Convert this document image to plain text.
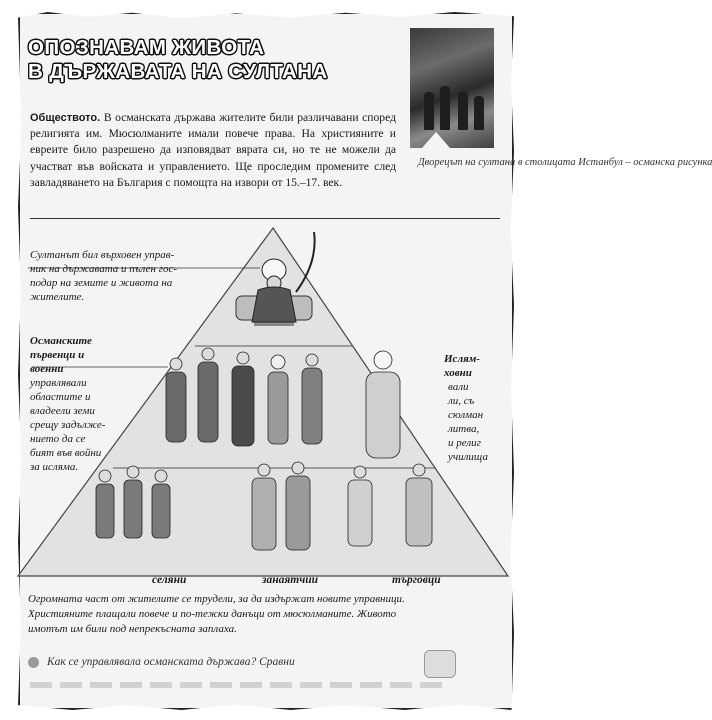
ОПОЗНАВАМ ЖИВОТА
В ДЪРЖАВАТА НА СУЛТАНА
Дворецът на султана в столицата Истанбул – османска рисунка
Обществото. В османската държава жителите били различавани според религията им. Мюсюлманите имали повече права. На християните и евреите било разрешено да изповядват вярата си, но те не можели да участват във войската и управлението. Ще проследим промените след завладяването на България с помощта на извори от 15.–17. век.
Султанът бил върховен управ-
ник на държавата и пълен гос-
подар на земите и живота на
жителите.
Османските
първенци и
военни
управлявали
областите и
владеели земи
срещу задълже-
нието да се
бият във войни
за исляма.
Ислям-
ховни
вали
ли, съ
сюлман
литва,
и религ
училища
селяни	занаятчии	търговци
Огромната част от жителите се трудели, за да издържат новите управници.
Християните плащали повече и по-тежки данъци от мюсюлманите. Живото
имотът им били под непрекъсната заплаха.
Как се управлявала османската държава? Сравни
